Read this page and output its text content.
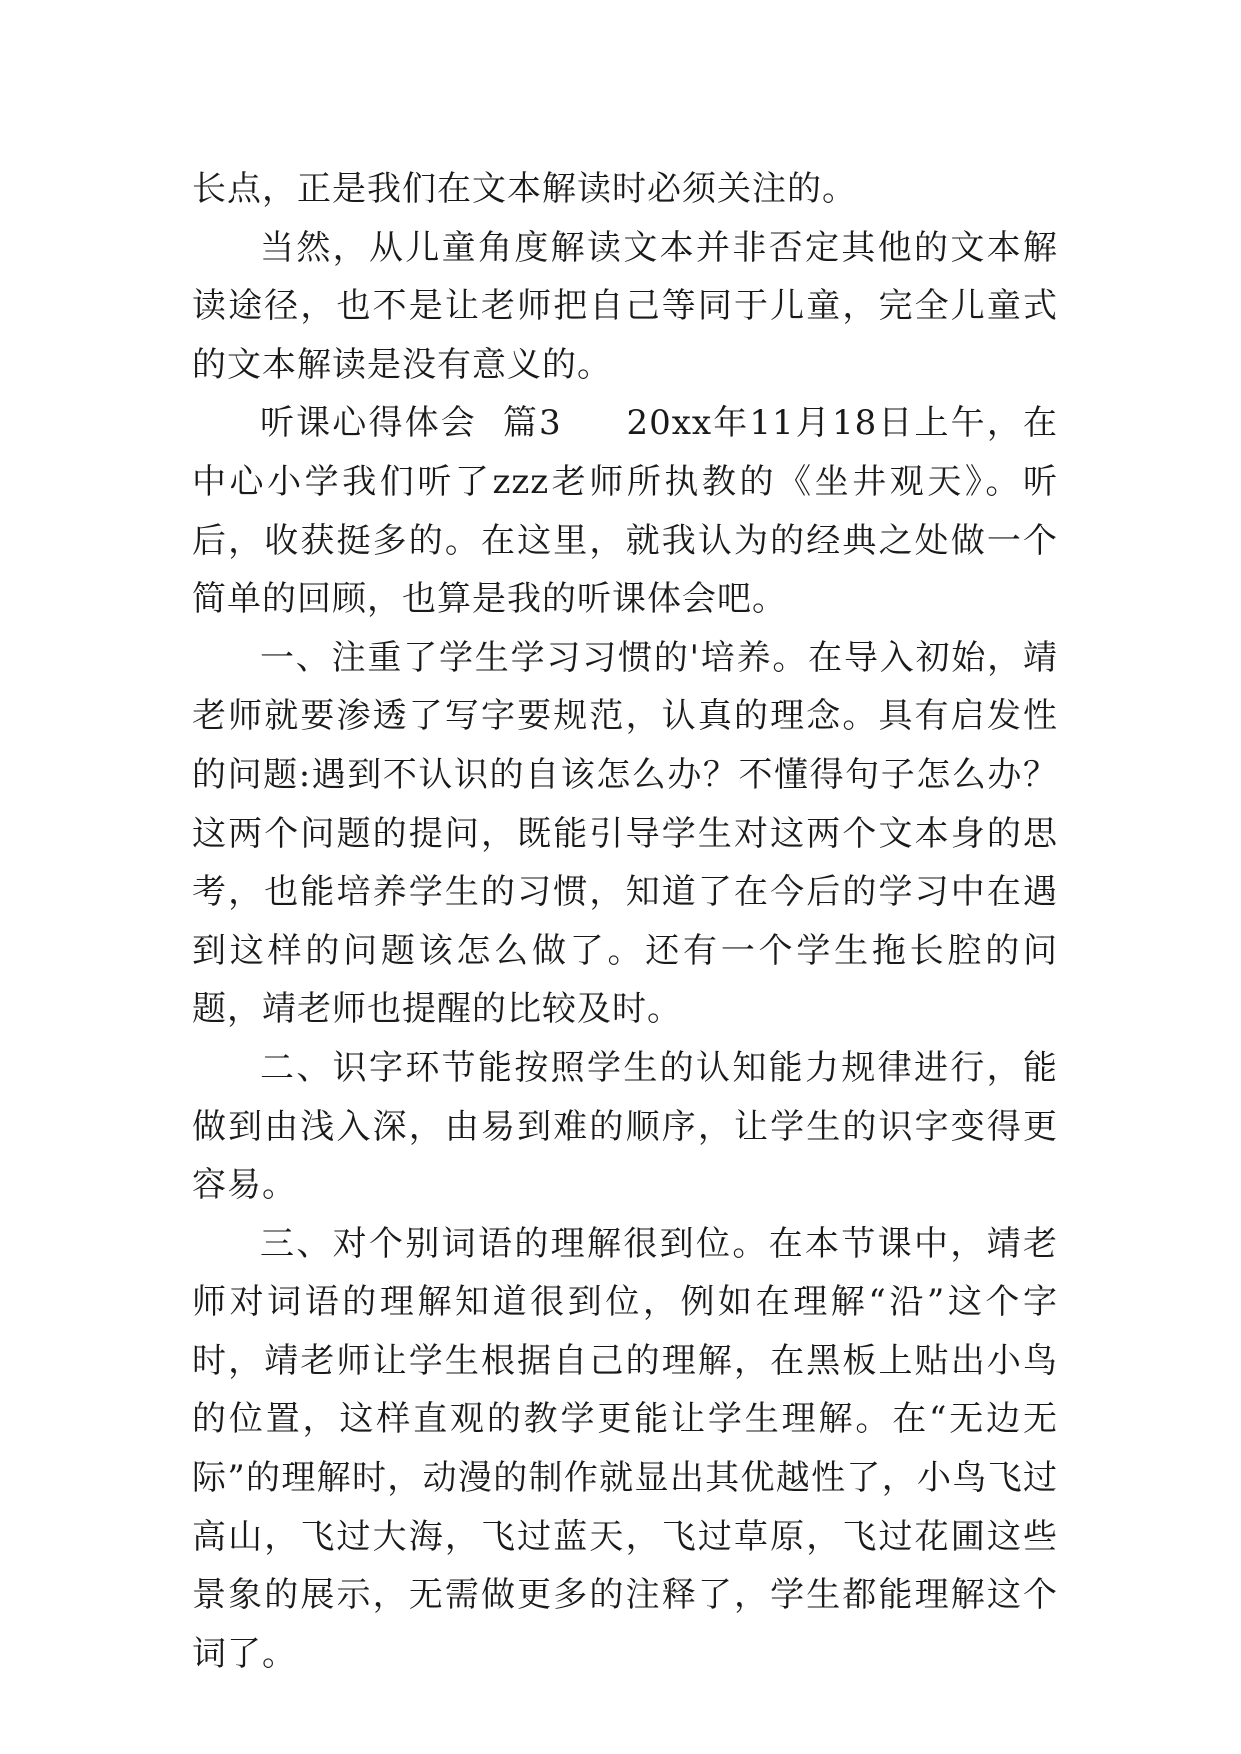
长点，正是我们在文本解读时必须关注的。

当然，从儿童角度解读文本并非否定其他的文本解读途径，也不是让老师把自己等同于儿童，完全儿童式的文本解读是没有意义的。

听课心得体会  篇3     20xx年11月18日上午，在中心小学我们听了zzz老师所执教的《坐井观天》。听后，收获挺多的。在这里，就我认为的经典之处做一个简单的回顾，也算是我的听课体会吧。

一、注重了学生学习习惯的'培养。在导入初始，靖老师就要渗透了写字要规范，认真的理念。具有启发性的问题:遇到不认识的自该怎么办？不懂得句子怎么办？这两个问题的提问，既能引导学生对这两个文本身的思考，也能培养学生的习惯，知道了在今后的学习中在遇到这样的问题该怎么做了。还有一个学生拖长腔的问题，靖老师也提醒的比较及时。

二、识字环节能按照学生的认知能力规律进行，能做到由浅入深，由易到难的顺序，让学生的识字变得更容易。

三、对个别词语的理解很到位。在本节课中，靖老师对词语的理解知道很到位，例如在理解“沿”这个字时，靖老师让学生根据自己的理解，在黑板上贴出小鸟的位置，这样直观的教学更能让学生理解。在“无边无际”的理解时，动漫的制作就显出其优越性了，小鸟飞过高山，飞过大海，飞过蓝天，飞过草原，飞过花圃这些景象的展示，无需做更多的注释了，学生都能理解这个词了。
